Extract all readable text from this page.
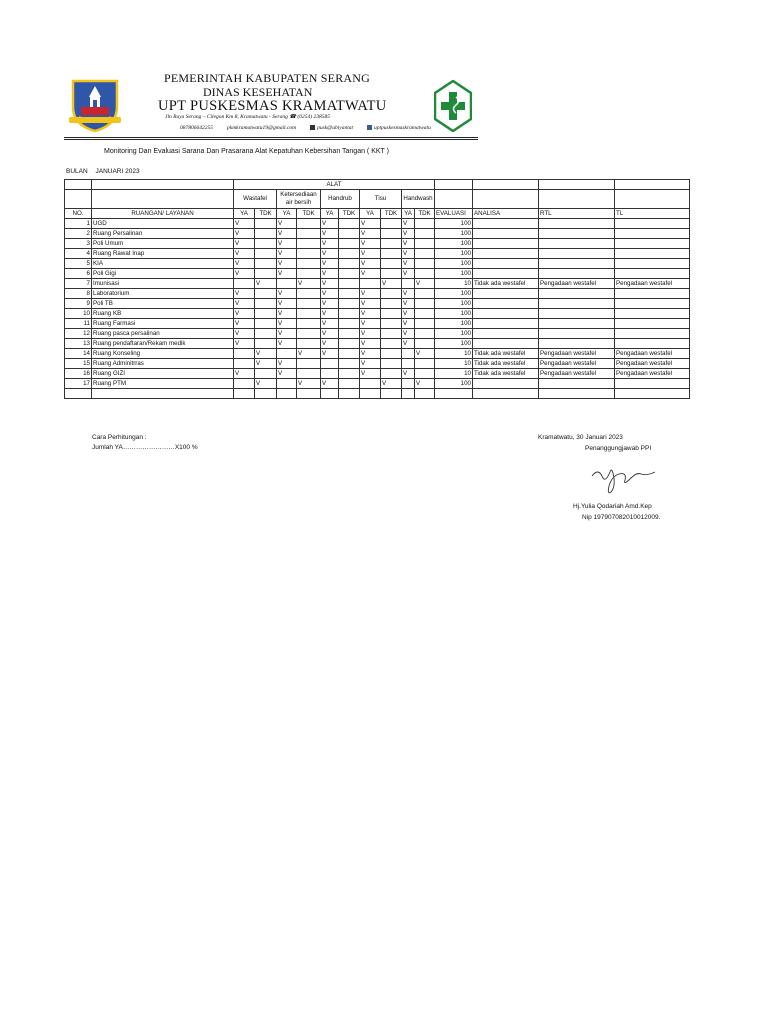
PEMERINTAH KABUPATEN SERANG
DINAS KESEHATAN
UPT PUSKESMAS KRAMATWATU
Jln Raya Serang – Cilegon Km 8, Kramatwatu - Serang ☎ (0254) 238585
087806642255	pkmkramatwatu19@gmail.com	pusk@ubiyantat	uptpuskesmaskramatwatu
Monitoring Dan Evaluasi Sarana Dan Prasarana Alat Kepatuhan Kebersihan Tangan ( KKT )
BULAN JANUARI 2023
		ALAT													
		Wastafel		Ketersediaan air bersih		Handrub		Tisu		Handwash					
NO.	RUANGAN/ LAYANAN	YA	TDK	YA	TDK	YA	TDK	YA	TDK	YA	TDK	EVALUASI	ANALISA	RTL	TL
1	UGD	V		V		V		V		V		100			
2	Ruang Persalinan	V		V		V		V		V		100			
3	Poli Umum	V		V		V		V		V		100			
4	Ruang Rawat Inap	V		V		V		V		V		100			
5	KIA	V		V		V		V		V		100			
6	Poli Gigi	V		V		V		V		V		100			
7	Imunisasi		V		V	V			V		V	10	Tidak ada westafel	Pengadaan westafel	Pengadaan westafel
8	Laboratorium	V		V		V		V		V		100			
9	Poli TB	V		V		V		V		V		100			
10	Ruang KB	V		V		V		V		V		100			
11	Ruang Farmasi	V		V		V		V		V		100			
12	Ruang pasca persalinan	V		V		V		V		V		100			
13	Ruang pendaftaran/Rekam medik	V		V		V		V		V		100			
14	Ruang Konseling		V		V	V		V			V	10	Tidak ada westafel	Pengadaan westafel	Pengadaan westafel
15	Ruang Adminitrras		V	V				V				10	Tidak ada westafel	Pengadaan westafel	Pengadaan westafel
16	Ruang GIZI	V		V				V		V		10	Tidak ada westafel	Pengadaan westafel	Pengadaan westafel
17	Ruang PTM		V		V	V			V		V	100			

Cara Perhitungan :
Jumlah YA……………………X100 %
Kramatwatu, 30 Januari 2023
Penanggungjawab PPI
Hj.Yulia Qodariah Amd.Kep
Nip 197907082010012009.
